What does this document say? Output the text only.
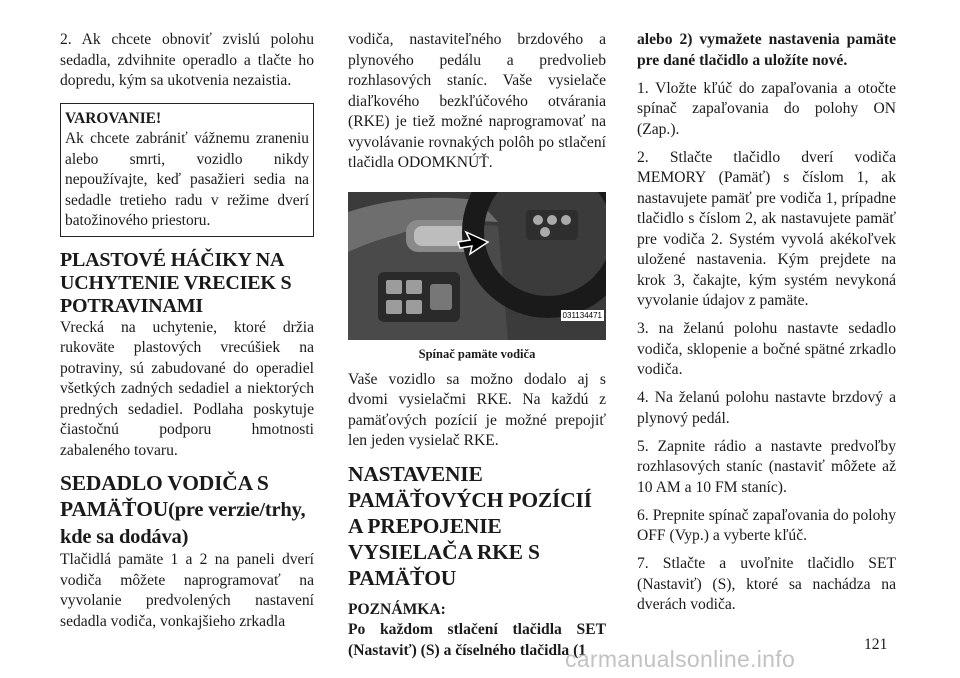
2. Ak chcete obnoviť zvislú polohu sedadla, zdvihnite operadlo a tlačte ho dopredu, kým sa ukotvenia nezaistia.

VAROVANIE!
Ak chcete zabrániť vážnemu zraneniu alebo smrti, vozidlo nikdy nepoužívajte, keď pasažieri sedia na sedadle tretieho radu v režime dverí batožinového priestoru.
PLASTOVÉ HÁČIKY NA UCHYTENIE VRECIEK S POTRAVINAMI

Vrecká na uchytenie, ktoré držia rukoväte plastových vrecúšiek na potraviny, sú zabudované do operadiel všetkých zadných sedadiel a niektorých predných sedadiel. Podlaha poskytuje čiastočnú podporu hmotnosti zabaleného tovaru.

SEDADLO VODIČA S PAMÄŤOU(pre verzie/trhy, kde sa dodáva)

Tlačidlá pamäte 1 a 2 na paneli dverí vodiča môžete naprogramovať na vyvolanie predvolených nastavení sedadla vodiča, vonkajšieho zrkadla

vodiča, nastaviteľného brzdového a plynového pedálu a predvolieb rozhlasových staníc. Vaše vysielače diaľkového bezkľúčového otvárania (RKE) je tiež možné naprogramovať na vyvolávanie rovnakých polôh po stlačení tlačidla ODOMKNÚŤ.

031134471
Spínač pamäte vodiča

Vaše vozidlo sa možno dodalo aj s dvomi vysielačmi RKE. Na každú z pamäťových pozícií je možné prepojiť len jeden vysielač RKE.

NASTAVENIE PAMÄŤOVÝCH POZÍCIÍ A PREPOJENIE VYSIELAČA RKE S PAMÄŤOU
POZNÁMKA:

Po každom stlačení tlačidla SET (Nastaviť) (S) a číselného tlačidla (1

alebo 2) vymažete nastavenia pamäte pre dané tlačidlo a uložíte nové.

1. Vložte kľúč do zapaľovania a otočte spínač zapaľovania do polohy ON (Zap.).

2. Stlačte tlačidlo dverí vodiča MEMORY (Pamäť) s číslom 1, ak nastavujete pamäť pre vodiča 1, prípadne tlačidlo s číslom 2, ak nastavujete pamäť pre vodiča 2. Systém vyvolá akékoľvek uložené nastavenia. Kým prejdete na krok 3, čakajte, kým systém nevykoná vyvolanie údajov z pamäte.

3. na želanú polohu nastavte sedadlo vodiča, sklopenie a bočné spätné zrkadlo vodiča.

4. Na želanú polohu nastavte brzdový a plynový pedál.

5. Zapnite rádio a nastavte predvoľby rozhlasových staníc (nastaviť môžete až 10 AM a 10 FM staníc).

6. Prepnite spínač zapaľovania do polohy OFF (Vyp.) a vyberte kľúč.

7. Stlačte a uvoľnite tlačidlo SET (Nastaviť) (S), ktoré sa nachádza na dverách vodiča.

121
carmanualsonline.info
